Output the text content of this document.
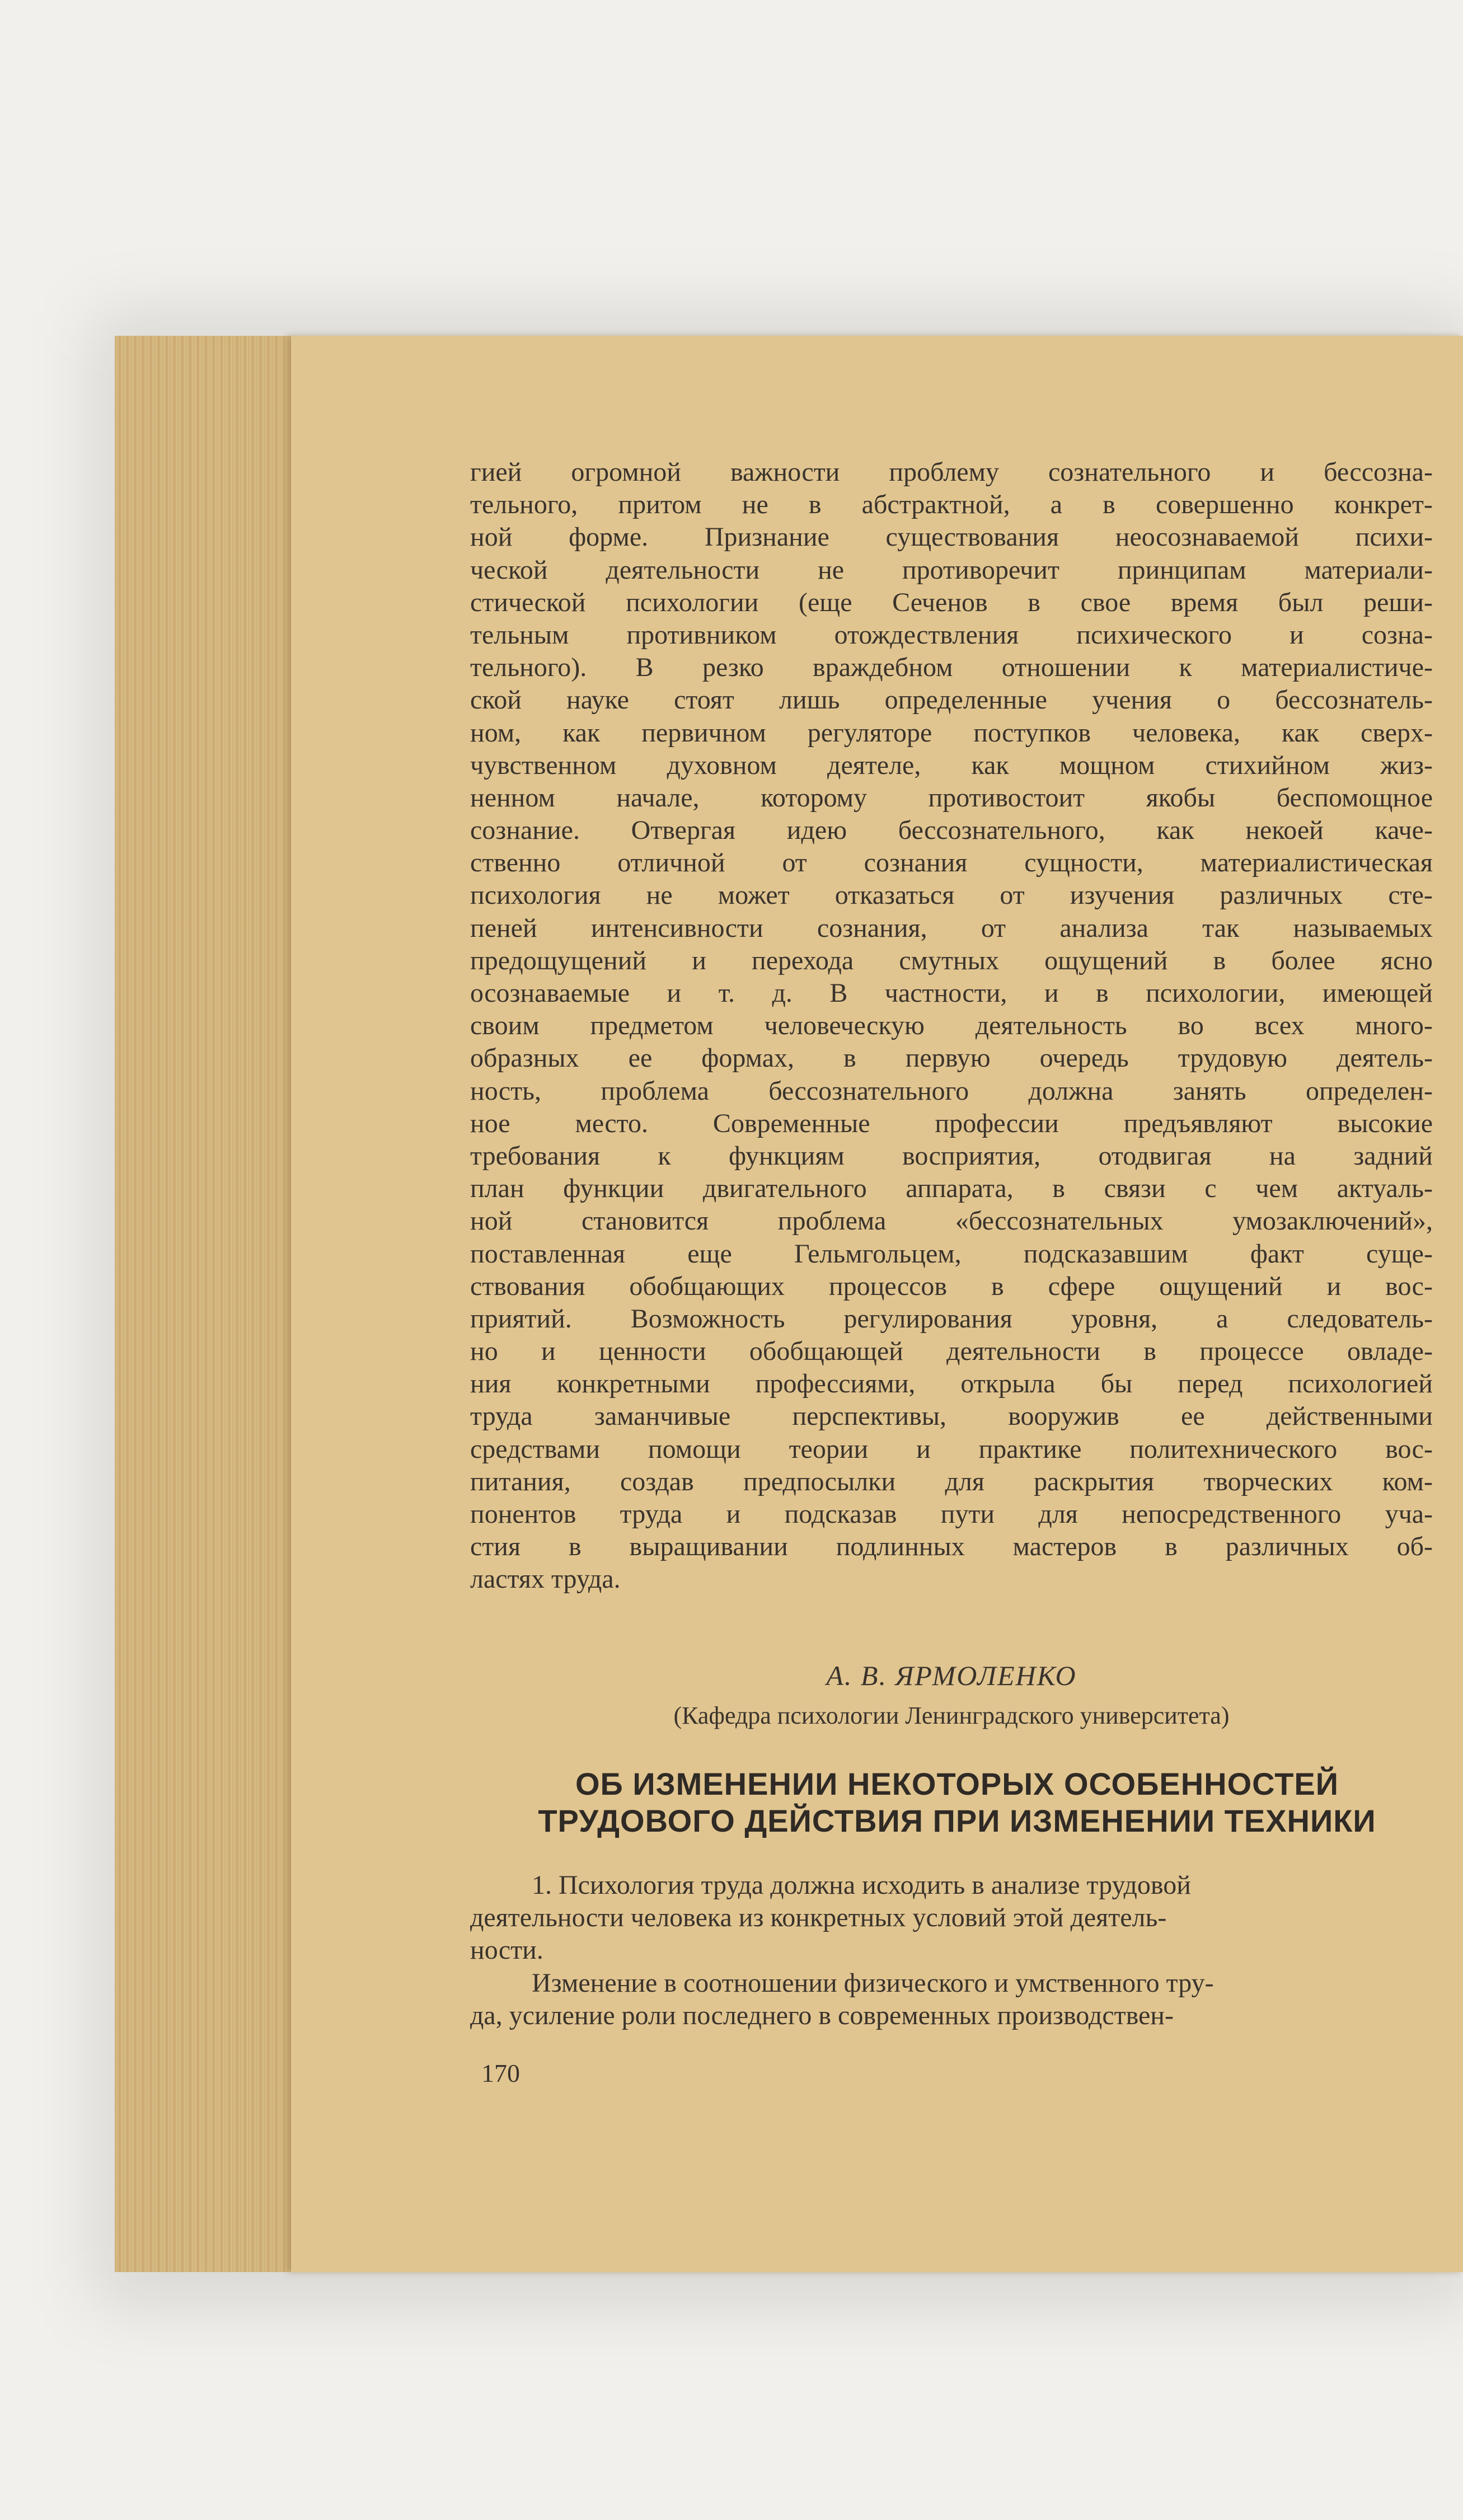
гией огромной важности проблему сознательного и бессозна-
тельного, притом не в абстрактной, а в совершенно конкрет-
ной форме. Признание существования неосознаваемой психи-
ческой деятельности не противоречит принципам материали-
стической психологии (еще Сеченов в свое время был реши-
тельным противником отождествления психического и созна-
тельного). В резко враждебном отношении к материалистиче-
ской науке стоят лишь определенные учения о бессознатель-
ном, как первичном регуляторе поступков человека, как сверх-
чувственном духовном деятеле, как мощном стихийном жиз-
ненном начале, которому противостоит якобы беспомощное
сознание. Отвергая идею бессознательного, как некоей каче-
ственно отличной от сознания сущности, материалистическая
психология не может отказаться от изучения различных сте-
пеней интенсивности сознания, от анализа так называемых
предощущений и перехода смутных ощущений в более ясно
осознаваемые и т. д. В частности, и в психологии, имеющей
своим предметом человеческую деятельность во всех много-
образных ее формах, в первую очередь трудовую деятель-
ность, проблема бессознательного должна занять определен-
ное место. Современные профессии предъявляют высокие
требования к функциям восприятия, отодвигая на задний
план функции двигательного аппарата, в связи с чем актуаль-
ной	становится	проблема	«бессознательных	умозаключений»,
поставленная еще Гельмгольцем, подсказавшим факт суще-
ствования обобщающих процессов в сфере ощущений и вос-
приятий. Возможность регулирования уровня, а следователь-
но и ценности обобщающей деятельности в процессе овладе-
ния конкретными профессиями, открыла бы перед психологией
труда заманчивые перспективы, вооружив ее действенными
средствами помощи теории и практике политехнического вос-
питания, создав предпосылки для раскрытия творческих ком-
понентов труда и подсказав пути для непосредственного уча-
стия в выращивании подлинных мастеров в различных об-
ластях труда.
А. В. ЯРМОЛЕНКО
(Кафедра психологии Ленинградского университета)
ОБ ИЗМЕНЕНИИ НЕКОТОРЫХ ОСОБЕННОСТЕЙ
ТРУДОВОГО ДЕЙСТВИЯ ПРИ ИЗМЕНЕНИИ ТЕХНИКИ
1. Психология труда должна исходить в анализе трудовой
деятельности человека из конкретных условий этой деятель-
ности.
Изменение в соотношении физического и умственного тру-
да, усиление роли последнего в современных производствен-
170
